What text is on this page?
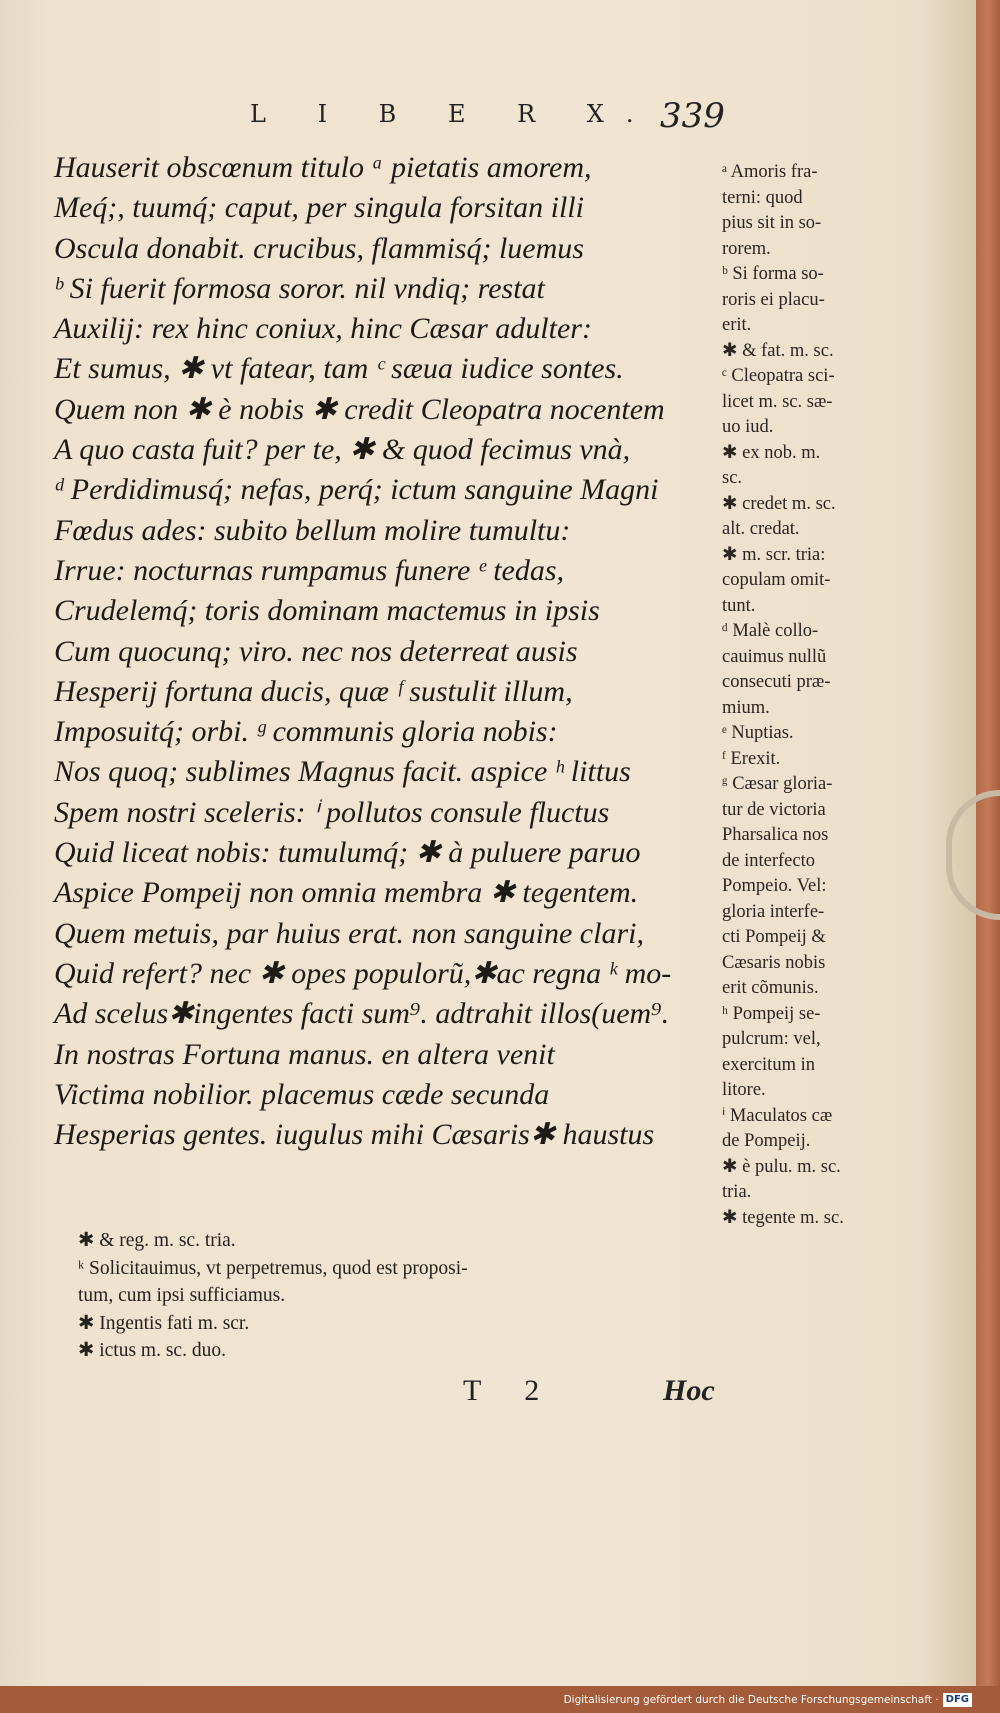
L I B E R X. 339
Hauserit obscœnum titulo ᵃ pietatis amorem,
Meq́;, tuumq́; caput, per singula forsitan illi
Oscula donabit. crucibus, flammisq́; luemus
ᵇ Si fuerit formosa soror. nil vndiq; restat
Auxilij: rex hinc coniux, hinc Cæsar adulter:
Et sumus, ✱ vt fatear, tam ᶜ sæua iudice sontes.
Quem non ✱ è nobis ✱ credit Cleopatra nocentem
A quo casta fuit? per te, ✱ & quod fecimus vnà,
ᵈ Perdidimusq́; nefas, perq́; ictum sanguine Magni
Fœdus ades: subito bellum molire tumultu:
Irrue: nocturnas rumpamus funere ᵉ tedas,
Crudelemq́; toris dominam mactemus in ipsis
Cum quocunq; viro. nec nos deterreat ausis
Hesperij fortuna ducis, quæ ᶠ sustulit illum,
Imposuitq́; orbi. ᵍ communis gloria nobis:
Nos quoq; sublimes Magnus facit. aspice ʰ littus
Spem nostri sceleris: ⁱ pollutos consule fluctus
Quid liceat nobis: tumulumq́; ✱ à puluere paruo
Aspice Pompeij non omnia membra ✱ tegentem.
Quem metuis, par huius erat. non sanguine clari,
Quid refert? nec ✱ opes populorũ,✱ac regna ᵏ mo-
Ad scelus✱ingentes facti sum⁹. adtrahit illos(uem⁹.
In nostras Fortuna manus. en altera venit
Victima nobilior. placemus cæde secunda
Hesperias gentes. iugulus mihi Cæsaris✱ haustus
ᵃ Amoris fra-
terni: quod
pius sit in so-
rorem.
ᵇ Si forma so-
roris ei placu-
erit.
✱ & fat. m. sc.
ᶜ Cleopatra sci-
licet m. sc. sæ-
uo iud.
✱ ex nob. m.
sc.
✱ credet m. sc.
alt. credat.
✱ m. scr. tria:
copulam omit-
tunt.
ᵈ Malè collo-
cauimus nullũ
consecuti præ-
mium.
ᵉ Nuptias.
ᶠ Erexit.
ᵍ Cæsar gloria-
tur de victoria
Pharsalica nos
de interfecto
Pompeio. Vel:
gloria interfe-
cti Pompeij &
Cæsaris nobis
erit cõmunis.
ʰ Pompeij se-
pulcrum: vel,
exercitum in
litore.
ⁱ Maculatos cæ
de Pompeij.
✱ è pulu. m. sc.
tria.
✱ tegente m. sc.
✱ & reg. m. sc. tria.
ᵏ Solicitauimus, vt perpetremus, quod est proposi-
tum, cum ipsi sufficiamus.
✱ Ingentis fati m. scr.
✱ ictus m. sc. duo.
T 2	Hoc
Digitalisierung gefördert durch die Deutsche Forschungsgemeinschaft · DFG
